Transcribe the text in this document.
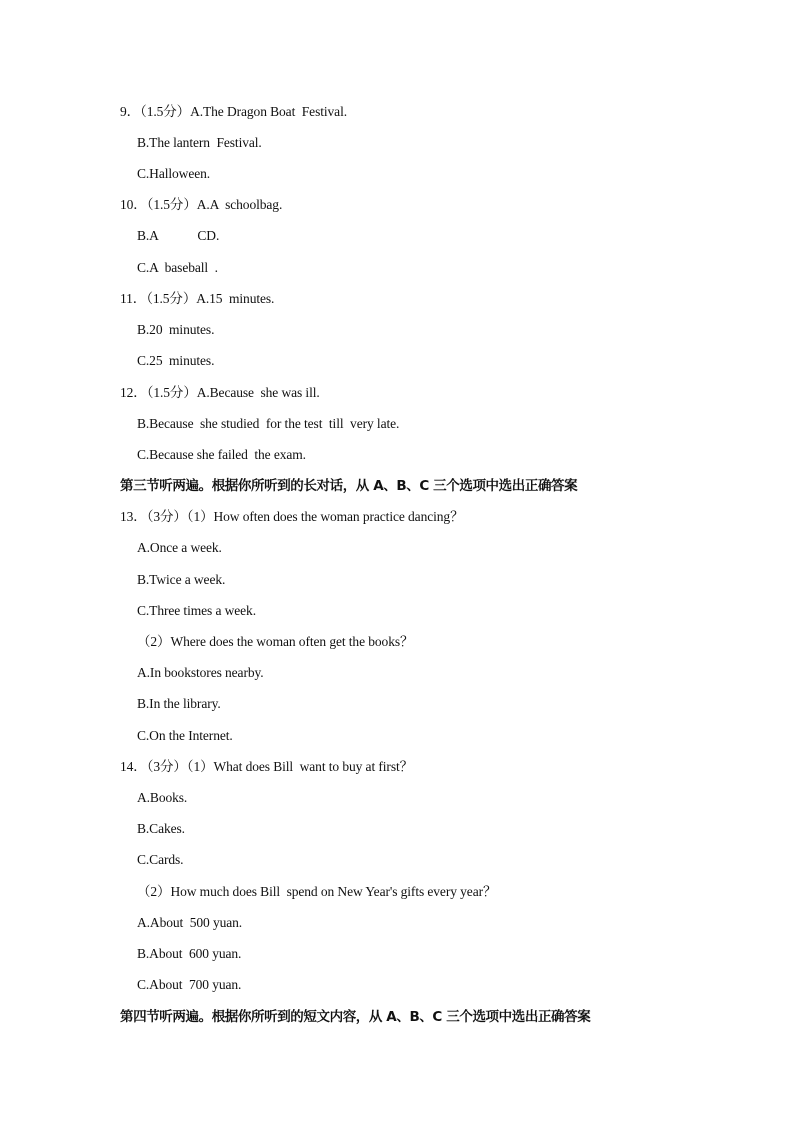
9．（1.5分）A.The Dragon Boat  Festival.
B.The lantern  Festival.
C.Halloween.
10．（1.5分）A.A  schoolbag.
B.A            CD.
C.A  baseball  .
11．（1.5分）A.15  minutes.
B.20  minutes.
C.25  minutes.
12．（1.5分）A.Because  she was ill.
B.Because  she studied  for the test  till  very late.
C.Because she failed  the exam.
第三节听两遍。根据你所听到的长对话，从 A、B、C 三个选项中选出正确答案
13．（3分）（1）How often does the woman practice dancing？
A.Once a week.
B.Twice a week.
C.Three times a week.
（2）Where does the woman often get the books？
A.In bookstores nearby.
B.In the library.
C.On the Internet.
14．（3分）（1）What does Bill  want to buy at first？
A.Books.
B.Cakes.
C.Cards.
（2）How much does Bill  spend on New Year's gifts every year？
A.About  500 yuan.
B.About  600 yuan.
C.About  700 yuan.
第四节听两遍。根据你所听到的短文内容，从 A、B、C 三个选项中选出正确答案
